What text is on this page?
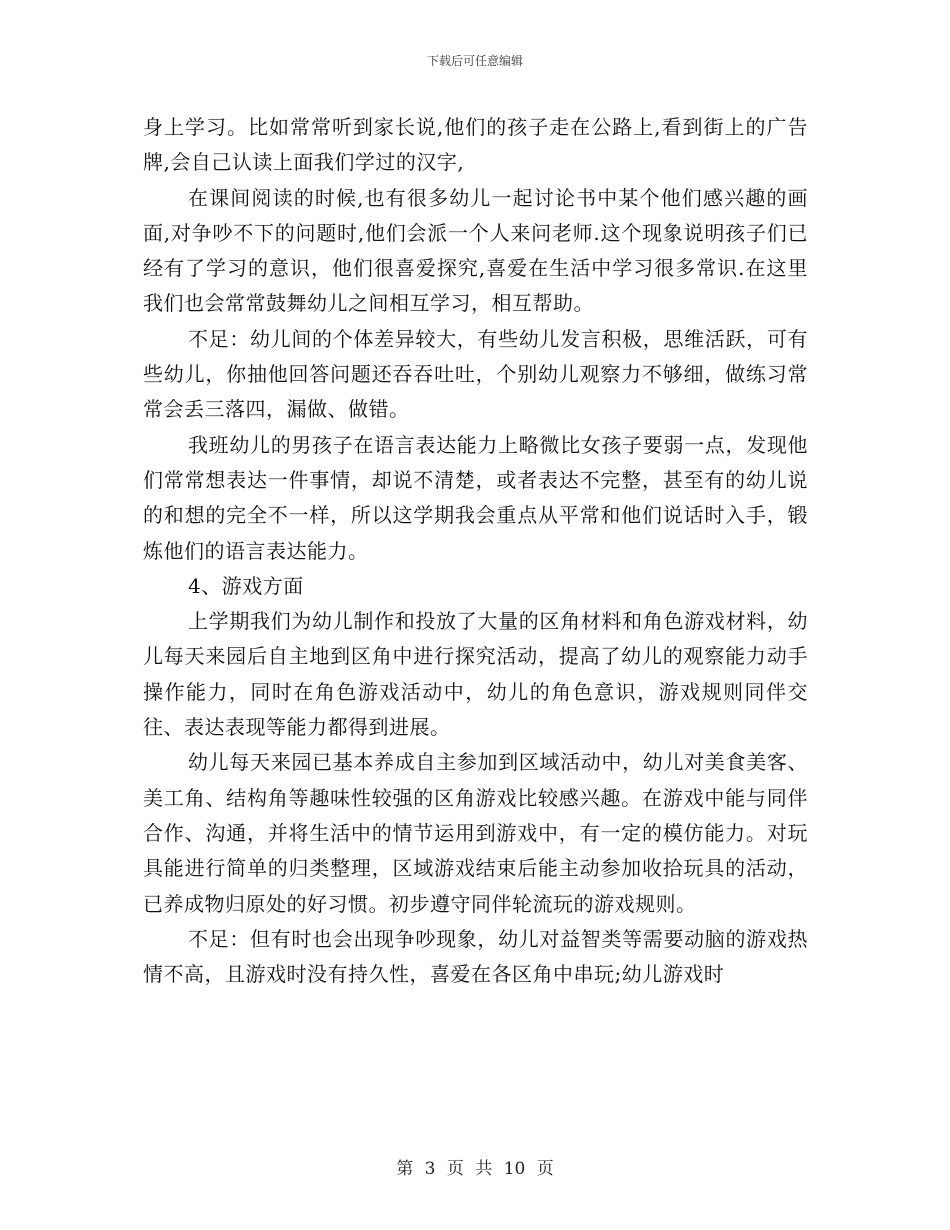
下载后可任意编辑

身上学习。比如常常听到家长说,他们的孩子走在公路上,看到街上的广告牌,会自己认读上面我们学过的汉字,

在课间阅读的时候,也有很多幼儿一起讨论书中某个他们感兴趣的画面,对争吵不下的问题时,他们会派一个人来问老师.这个现象说明孩子们已经有了学习的意识，他们很喜爱探究,喜爱在生活中学习很多常识.在这里我们也会常常鼓舞幼儿之间相互学习，相互帮助。

不足：幼儿间的个体差异较大，有些幼儿发言积极，思维活跃，可有些幼儿，你抽他回答问题还吞吞吐吐，个别幼儿观察力不够细，做练习常常会丢三落四，漏做、做错。

我班幼儿的男孩子在语言表达能力上略微比女孩子要弱一点，发现他们常常想表达一件事情，却说不清楚，或者表达不完整，甚至有的幼儿说的和想的完全不一样，所以这学期我会重点从平常和他们说话时入手，锻炼他们的语言表达能力。

4、游戏方面

上学期我们为幼儿制作和投放了大量的区角材料和角色游戏材料，幼儿每天来园后自主地到区角中进行探究活动，提高了幼儿的观察能力动手操作能力，同时在角色游戏活动中，幼儿的角色意识，游戏规则同伴交往、表达表现等能力都得到进展。

幼儿每天来园已基本养成自主参加到区域活动中，幼儿对美食美客、美工角、结构角等趣味性较强的区角游戏比较感兴趣。在游戏中能与同伴合作、沟通，并将生活中的情节运用到游戏中，有一定的模仿能力。对玩具能进行简单的归类整理，区域游戏结束后能主动参加收拾玩具的活动，已养成物归原处的好习惯。初步遵守同伴轮流玩的游戏规则。

不足：但有时也会出现争吵现象，幼儿对益智类等需要动脑的游戏热情不高，且游戏时没有持久性，喜爱在各区角中串玩;幼儿游戏时

第 3 页 共 10 页
